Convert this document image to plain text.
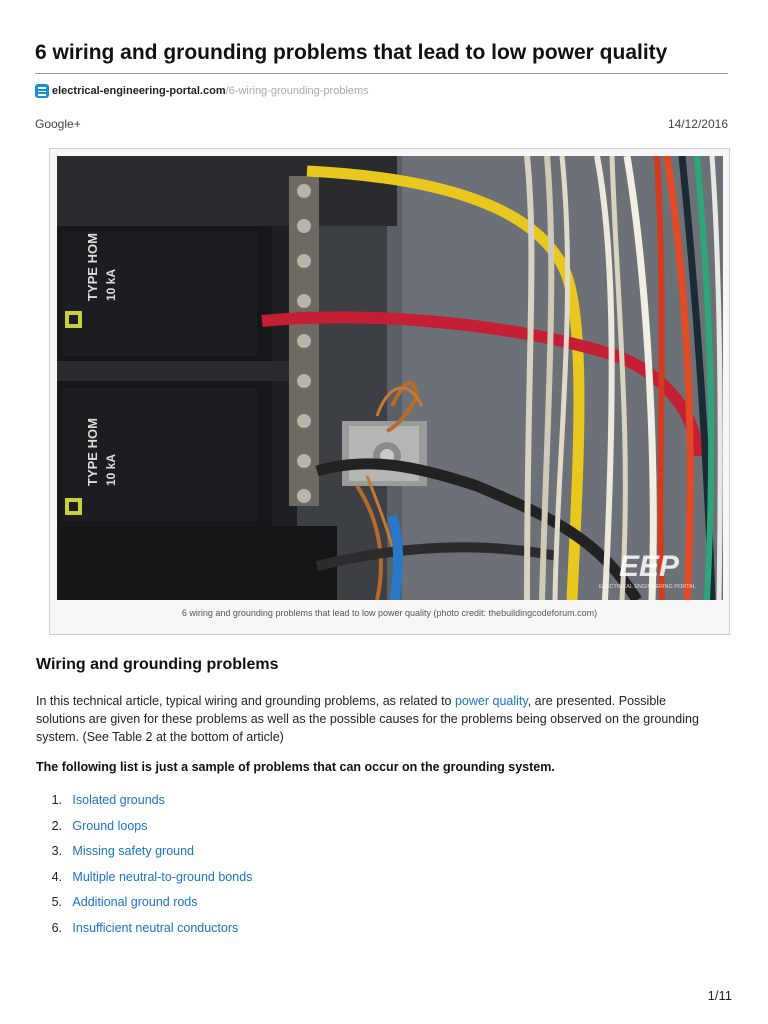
6 wiring and grounding problems that lead to low power quality
electrical-engineering-portal.com /6-wiring-grounding-problems
Google+	14/12/2016
TYPE HOM 10 kA
TYPE HOM 10 kA
EEP
ELECTRICAL ENGINEERING PORTAL
6 wiring and grounding problems that lead to low power quality (photo credit: thebuildingcodeforum.com)
Wiring and grounding problems

In this technical article, typical wiring and grounding problems, as related to power quality, are presented. Possible solutions are given for these problems as well as the possible causes for the problems being observed on the grounding system. (See Table 2 at the bottom of article)

The following list is just a sample of problems that can occur on the grounding system.

1.
Isolated grounds
2.
Ground loops
3.
Missing safety ground
4.
Multiple neutral-to-ground bonds
5.
Additional ground rods
6.
Insufficient neutral conductors
1/11
